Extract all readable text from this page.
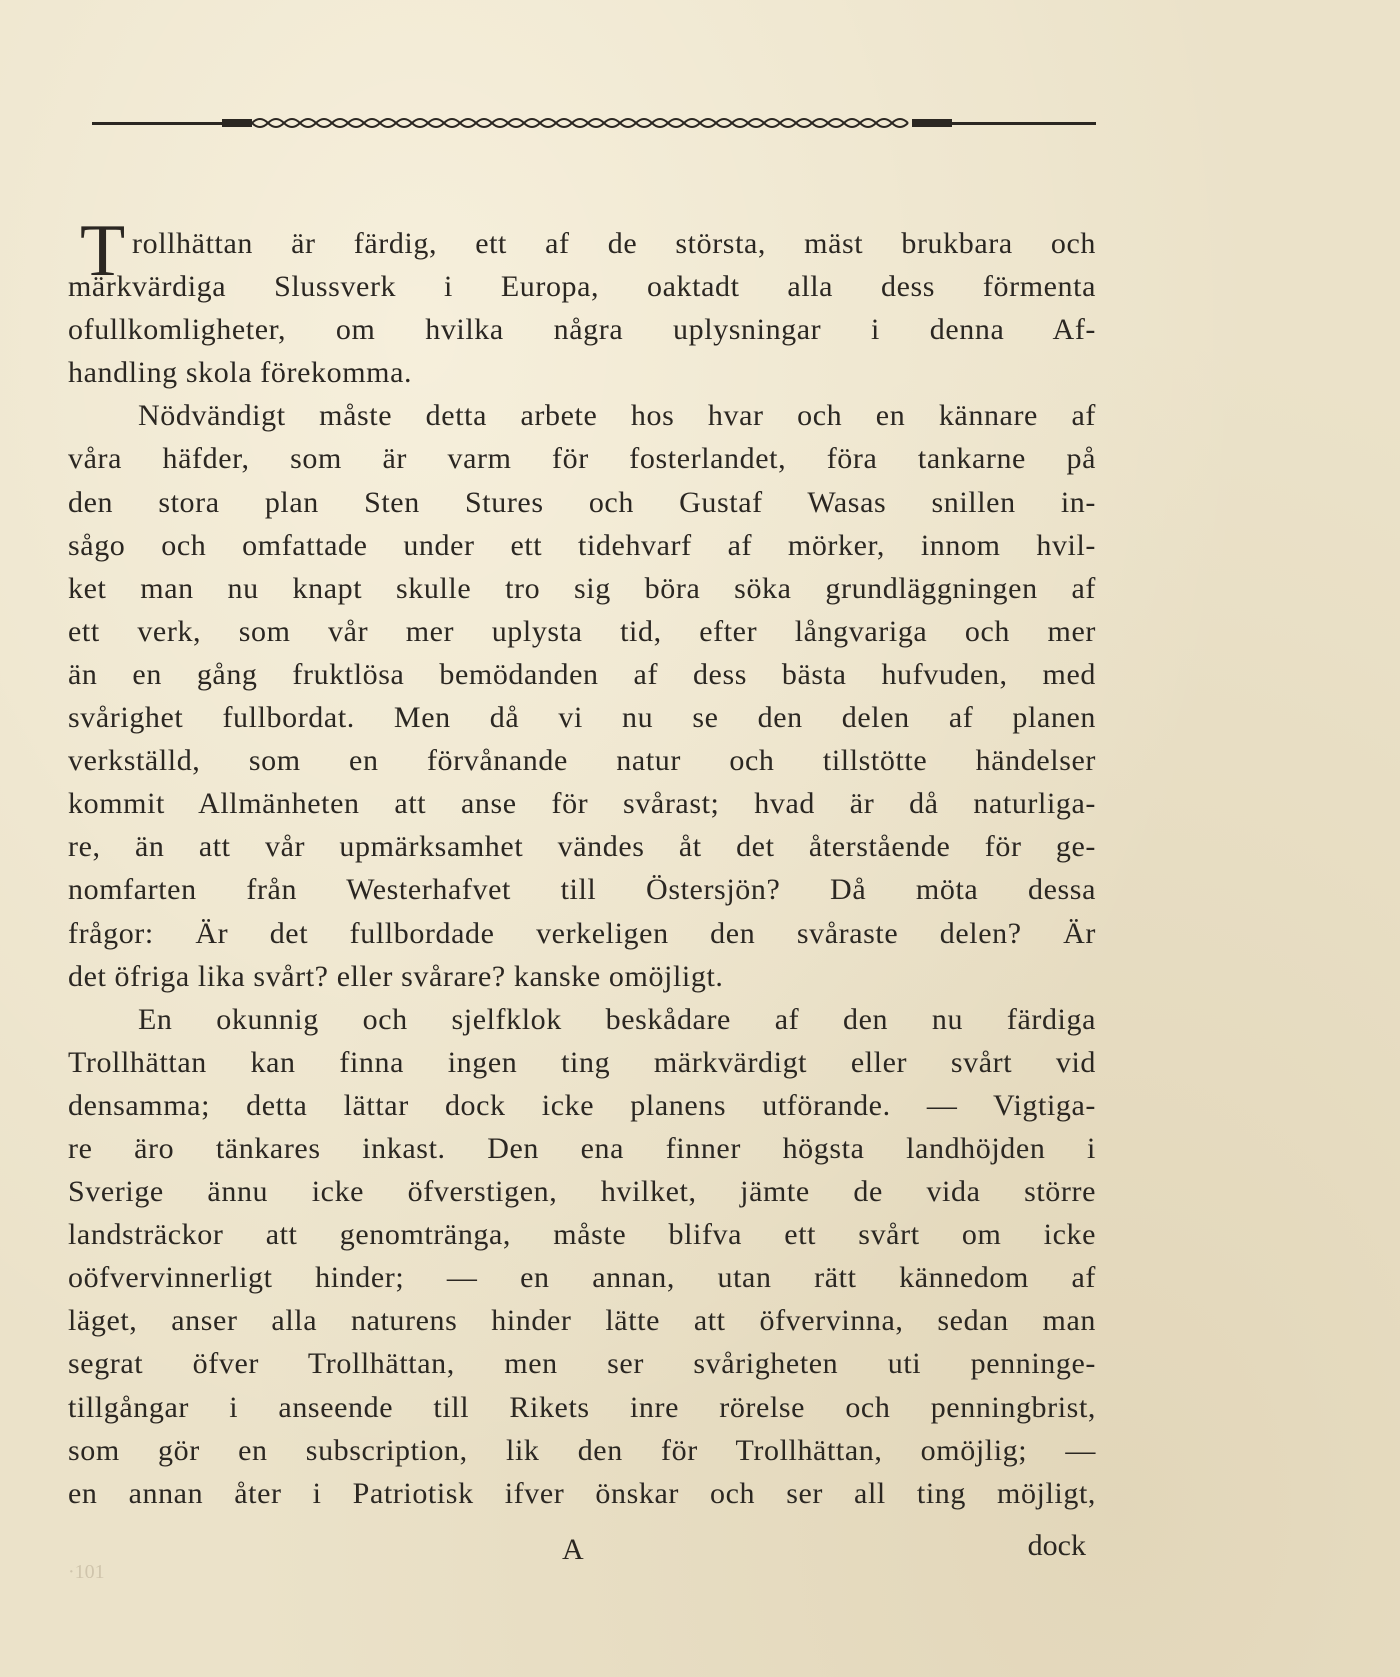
T rollhättan är färdig, ett af de största, mäst brukbara och
märkvärdiga Slussverk i Europa, oaktadt alla dess förmenta
ofullkomligheter, om hvilka några uplysningar i denna Af-
handling skola förekomma.
Nödvändigt måste detta arbete hos hvar och en kännare af
våra häfder, som är varm för fosterlandet, föra tankarne på
den stora plan Sten Stures och Gustaf Wasas snillen in-
sågo och omfattade under ett tidehvarf af mörker, innom hvil-
ket man nu knapt skulle tro sig böra söka grundläggningen af
ett verk, som vår mer uplysta tid, efter långvariga och mer
än en gång fruktlösa bemödanden af dess bästa hufvuden, med
svårighet fullbordat. Men då vi nu se den delen af planen
verkställd, som en förvånande natur och tillstötte händelser
kommit Allmänheten att anse för svårast; hvad är då naturliga-
re, än att vår upmärksamhet vändes åt det återstående för ge-
nomfarten från Westerhafvet till Östersjön? Då möta dessa
frågor: Är det fullbordade verkeligen den svåraste delen? Är
det öfriga lika svårt? eller svårare? kanske omöjligt.
En okunnig och sjelfklok beskådare af den nu färdiga
Trollhättan kan finna ingen ting märkvärdigt eller svårt vid
densamma; detta lättar dock icke planens utförande. — Vigtiga-
re äro tänkares inkast. Den ena finner högsta landhöjden i
Sverige ännu icke öfverstigen, hvilket, jämte de vida större
landsträckor att genomtränga, måste blifva ett svårt om icke
oöfvervinnerligt hinder; — en annan, utan rätt kännedom af
läget, anser alla naturens hinder lätte att öfvervinna, sedan man
segrat öfver Trollhättan, men ser svårigheten uti penninge-
tillgångar i anseende till Rikets inre rörelse och penningbrist,
som gör en subscription, lik den för Trollhättan, omöjlig; —
en annan åter i Patriotisk ifver önskar och ser all ting möjligt,
·101
A	dock
